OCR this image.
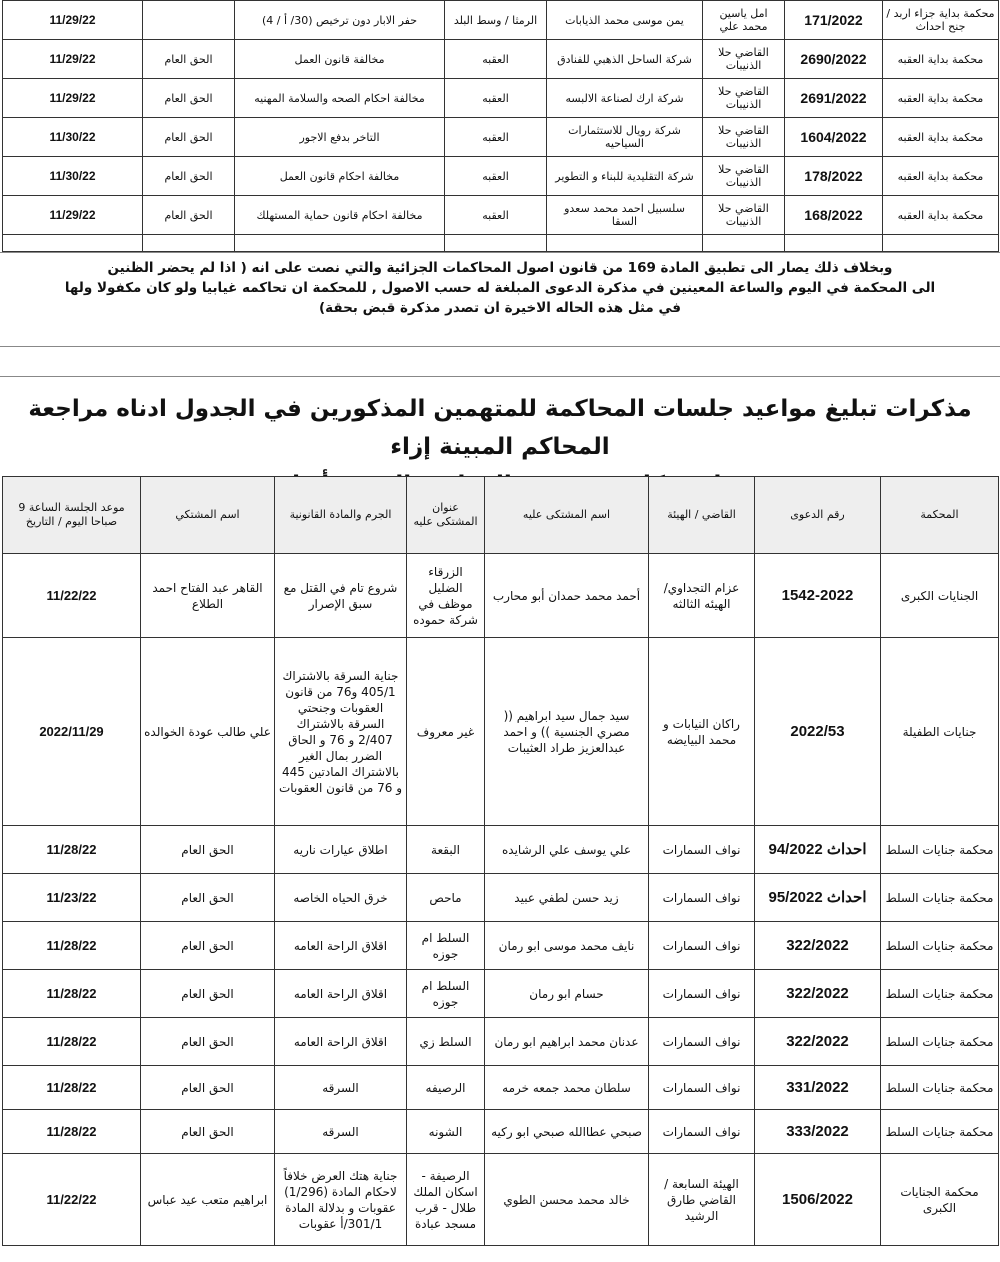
محكمة بداية جزاء اربد / جنح احداث	171/2022	امل ياسين محمد علي	يمن موسى محمد الذيابات	الرمثا / وسط البلد	حفر الابار دون ترخيص (30/ أ / 4)		11/29/22
محكمة بداية العقبه	2690/2022	القاضي حلا الذنيبات	شركة الساحل الذهبي للفنادق	العقبه	مخالفة قانون العمل	الحق العام	11/29/22
محكمة بداية العقبه	2691/2022	القاضي حلا الذنيبات	شركة ارك لصناعة الالبسه	العقبه	مخالفة احكام الصحه والسلامة المهنيه	الحق العام	11/29/22
محكمة بداية العقبه	1604/2022	القاضي حلا الذنيبات	شركة رويال للاستثمارات السياحيه	العقبه	التاخر بدفع الاجور	الحق العام	11/30/22
محكمة بداية العقبه	178/2022	القاضي حلا الذنيبات	شركة التقليدية للبناء و التطوير	العقبه	مخالفة احكام قانون العمل	الحق العام	11/30/22
محكمة بداية العقبه	168/2022	القاضي حلا الذنيبات	سلسبيل احمد محمد سعدو السقا	العقبه	مخالفة احكام قانون حماية المستهلك	الحق العام	11/29/22

وبخلاف ذلك يصار الى تطبيق المادة 169 من قانون اصول المحاكمات الجزائية والتي نصت على انه ( اذا لم يحضر الظنين

الى المحكمة في اليوم والساعة المعينين في مذكرة الدعوى المبلغة له حسب الاصول , للمحكمة ان تحاكمه غيابيا ولو كان مكفولا ولها

في مثل هذه الحاله الاخيرة ان تصدر مذكرة قبض بحقة)

مذكرات تبليغ مواعيد جلسات المحاكمة للمتهمين المذكورين في الجدول ادناه مراجعة المحاكم المبينة إزاء

المحكمة	رقم الدعوى	القاضي / الهيئة	اسم المشتكى عليه	عنوان المشتكى عليه	الجرم والمادة القانونية	اسم المشتكي	موعد الجلسة الساعة 9 صباحا اليوم / التاريخ
الجنايات الكبرى	1542-2022	عزام التجداوي/الهيئه الثالثه	أحمد محمد حمدان أبو محارب	الزرقاء الضليل موظف في شركة حموده	شروع تام في القتل مع سبق الإصرار	القاهر عبد الفتاح احمد الطلاع	11/22/22
جنايات الطفيلة	2022/53	راكان النيابات و محمد البيايضه	سيد جمال سيد ابراهيم (( مصري الجنسية )) و احمد عبدالعزيز طراد العثيبات	غير معروف	جناية السرقة بالاشتراك 405/1 و76 من قانون العقوبات وجنحتي السرقة بالاشتراك 2/407 و 76 و الحاق الضرر بمال الغير بالاشتراك المادتين 445 و 76 من قانون العقوبات	علي طالب عودة الخوالده	2022/11/29
محكمة جنايات السلط	احداث 94/2022	نواف السمارات	علي يوسف علي الرشايده	البقعة	اطلاق عيارات ناريه	الحق العام	11/28/22
محكمة جنايات السلط	احداث 95/2022	نواف السمارات	زيد حسن لطفي عبيد	ماحص	خرق الحياه الخاصه	الحق العام	11/23/22
محكمة جنايات السلط	322/2022	نواف السمارات	نايف محمد موسى ابو رمان	السلط ام جوزه	اقلاق الراحة العامه	الحق العام	11/28/22
محكمة جنايات السلط	322/2022	نواف السمارات	حسام ابو رمان	السلط ام جوزه	اقلاق الراحة العامه	الحق العام	11/28/22
محكمة جنايات السلط	322/2022	نواف السمارات	عدنان محمد ابراهيم ابو رمان	السلط زي	اقلاق الراحة العامه	الحق العام	11/28/22
محكمة جنايات السلط	331/2022	نواف السمارات	سلطان محمد جمعه خرمه	الرصيفه	السرقه	الحق العام	11/28/22
محكمة جنايات السلط	333/2022	نواف السمارات	صبحي عطاالله صبحي ابو ركيه	الشونه	السرقه	الحق العام	11/28/22
محكمة الجنايات الكبرى	1506/2022	الهيئة السابعة / القاضي طارق الرشيد	خالد محمد محسن الطوي	الرصيفة - اسكان الملك طلال - قرب مسجد عبادة	جناية هتك العرض خلافاً لاحكام المادة (1/296) عقوبات و بدلالة المادة 301/1/أ عقوبات	ابراهيم متعب عيد عباس	11/22/22
